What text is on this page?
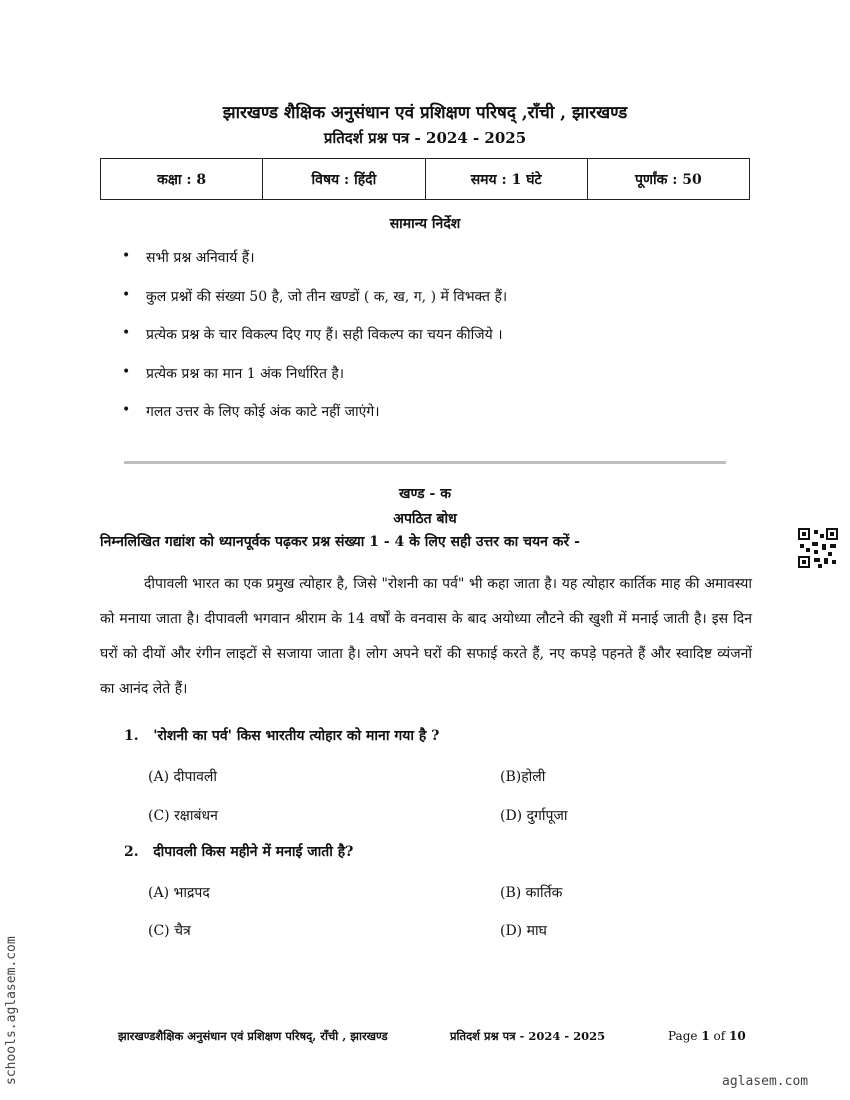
झारखण्ड शैक्षिक अनुसंधान एवं प्रशिक्षण परिषद् ,राँची , झारखण्ड
प्रतिदर्श प्रश्न पत्र - 2024 - 2025
कक्षा : 8	विषय : हिंदी	समय : 1 घंटे	पूर्णांक : 50
सामान्य निर्देश
•	सभी प्रश्न अनिवार्य हैं।
•	कुल प्रश्नों की संख्या 50 है, जो तीन खण्डों ( क, ख, ग, ) में विभक्त हैं।
•	प्रत्येक प्रश्न के चार विकल्प दिए गए हैं। सही विकल्प का चयन कीजिये ।
•	प्रत्येक प्रश्न का मान 1 अंक निर्धारित है।
•	गलत उत्तर के लिए कोई अंक काटे नहीं जाएंगे।
खण्ड - क
अपठित बोध
निम्नलिखित गद्यांश को ध्यानपूर्वक पढ़कर प्रश्न संख्या 1 - 4 के लिए सही उत्तर का चयन करें -
दीपावली भारत का एक प्रमुख त्योहार है, जिसे "रोशनी का पर्व" भी कहा जाता है। यह त्योहार कार्तिक माह की अमावस्या को मनाया जाता है। दीपावली भगवान श्रीराम के 14 वर्षों के वनवास के बाद अयोध्या लौटने की खुशी में मनाई जाती है। इस दिन घरों को दीयों और रंगीन लाइटों से सजाया जाता है। लोग अपने घरों की सफाई करते हैं, नए कपड़े पहनते हैं और स्वादिष्ट व्यंजनों का आनंद लेते हैं।
1. 'रोशनी का पर्व' किस भारतीय त्योहार को माना गया है ?
(A) दीपावली	(B)होली
(C) रक्षाबंधन	(D) दुर्गापूजा
2. दीपावली किस महीने में मनाई जाती है?
(A) भाद्रपद	(B) कार्तिक
(C) चैत्र	(D) माघ
झारखण्डशैक्षिक अनुसंधान एवं प्रशिक्षण परिषद्, राँची , झारखण्ड	प्रतिदर्श प्रश्न पत्र - 2024 - 2025	Page 1 of 10
schools.aglasem.com	aglasem.com
